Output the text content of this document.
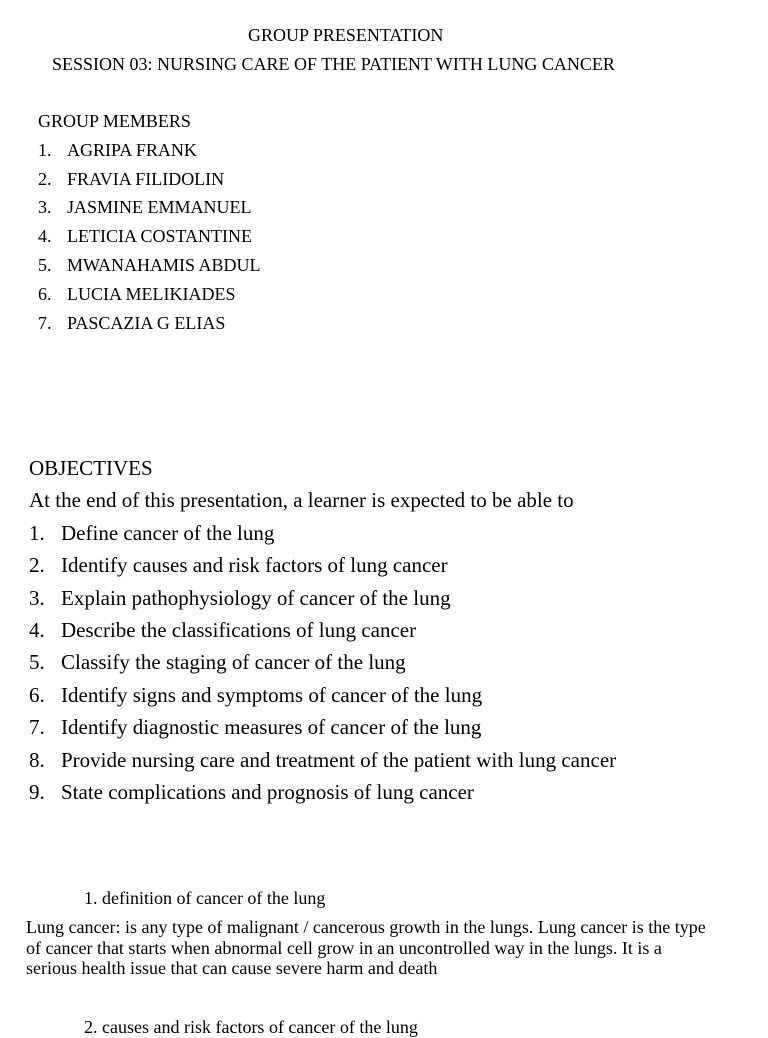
GROUP PRESENTATION
SESSION 03: NURSING CARE OF THE PATIENT WITH LUNG CANCER
GROUP MEMBERS
1. AGRIPA FRANK
2. FRAVIA FILIDOLIN
3. JASMINE EMMANUEL
4. LETICIA COSTANTINE
5. MWANAHAMIS ABDUL
6. LUCIA MELIKIADES
7. PASCAZIA G ELIAS
OBJECTIVES
At the end of this presentation, a learner is expected to be able to
1. Define cancer of the lung
2. Identify causes and risk factors of lung cancer
3. Explain pathophysiology of cancer of the lung
4. Describe the classifications of lung cancer
5. Classify the staging of cancer of the lung
6. Identify signs and symptoms of cancer of the lung
7. Identify diagnostic measures of cancer of the lung
8. Provide nursing care and treatment of the patient with lung cancer
9. State complications and prognosis of lung cancer
1. definition of cancer of the lung
Lung cancer: is any type of malignant / cancerous growth in the lungs. Lung cancer is the type of cancer that starts when abnormal cell grow in an uncontrolled way in the lungs. It is a serious health issue that can cause severe harm and death
2. causes and risk factors of cancer of the lung
